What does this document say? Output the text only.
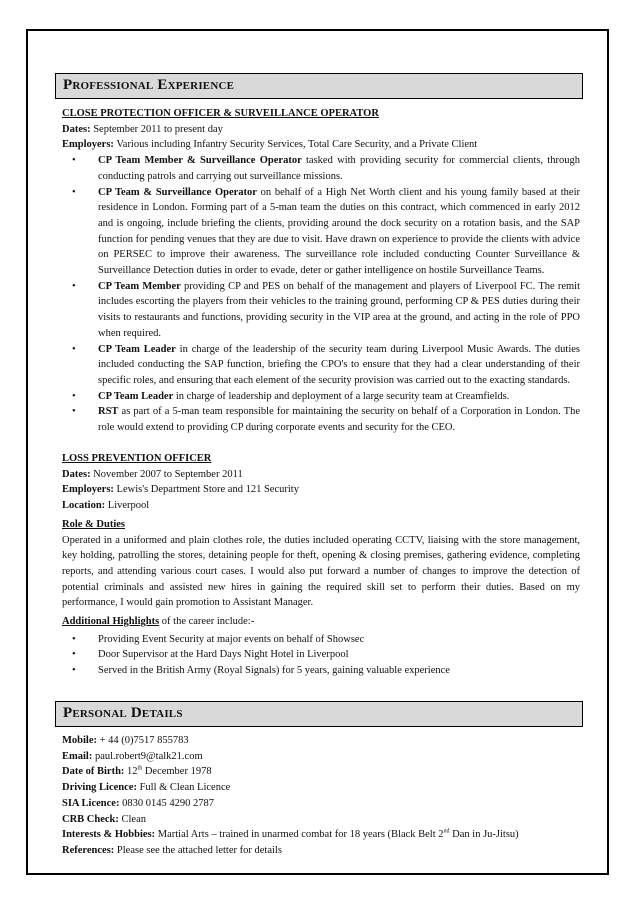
Professional Experience
CLOSE PROTECTION OFFICER & SURVEILLANCE OPERATOR
Dates: September 2011 to present day
Employers: Various including Infantry Security Services, Total Care Security, and a Private Client
• CP Team Member & Surveillance Operator tasked with providing security for commercial clients, through conducting patrols and carrying out surveillance missions.
• CP Team & Surveillance Operator on behalf of a High Net Worth client and his young family based at their residence in London. Forming part of a 5-man team the duties on this contract, which commenced in early 2012 and is ongoing, include briefing the clients, providing around the dock security on a rotation basis, and the SAP function for pending venues that they are due to visit. Have drawn on experience to provide the clients with advice on PERSEC to improve their awareness. The surveillance role included conducting Counter Surveillance & Surveillance Detection duties in order to evade, deter or gather intelligence on hostile Surveillance Teams.
• CP Team Member providing CP and PES on behalf of the management and players of Liverpool FC. The remit includes escorting the players from their vehicles to the training ground, performing CP & PES duties during their visits to restaurants and functions, providing security in the VIP area at the ground, and acting in the role of PPO when required.
• CP Team Leader in charge of the leadership of the security team during Liverpool Music Awards. The duties included conducting the SAP function, briefing the CPO's to ensure that they had a clear understanding of their specific roles, and ensuring that each element of the security provision was carried out to the exacting standards.
• CP Team Leader in charge of leadership and deployment of a large security team at Creamfields.
• RST as part of a 5-man team responsible for maintaining the security on behalf of a Corporation in London. The role would extend to providing CP during corporate events and security for the CEO.
LOSS PREVENTION OFFICER
Dates: November 2007 to September 2011
Employers: Lewis's Department Store and 121 Security
Location: Liverpool
Role & Duties
Operated in a uniformed and plain clothes role, the duties included operating CCTV, liaising with the store management, key holding, patrolling the stores, detaining people for theft, opening & closing premises, gathering evidence, completing reports, and attending various court cases. I would also put forward a number of changes to improve the detection of potential criminals and assisted new hires in gaining the required skill set to perform their duties. Based on my performance, I would gain promotion to Assistant Manager.
Additional Highlights of the career include:-
• Providing Event Security at major events on behalf of Showsec
• Door Supervisor at the Hard Days Night Hotel in Liverpool
• Served in the British Army (Royal Signals) for 5 years, gaining valuable experience
Personal Details
Mobile: + 44 (0)7517 855783
Email: paul.robert9@talk21.com
Date of Birth: 12th December 1978
Driving Licence: Full & Clean Licence
SIA Licence: 0830 0145 4290 2787
CRB Check: Clean
Interests & Hobbies: Martial Arts – trained in unarmed combat for 18 years (Black Belt 2nd Dan in Ju-Jitsu)
References: Please see the attached letter for details
